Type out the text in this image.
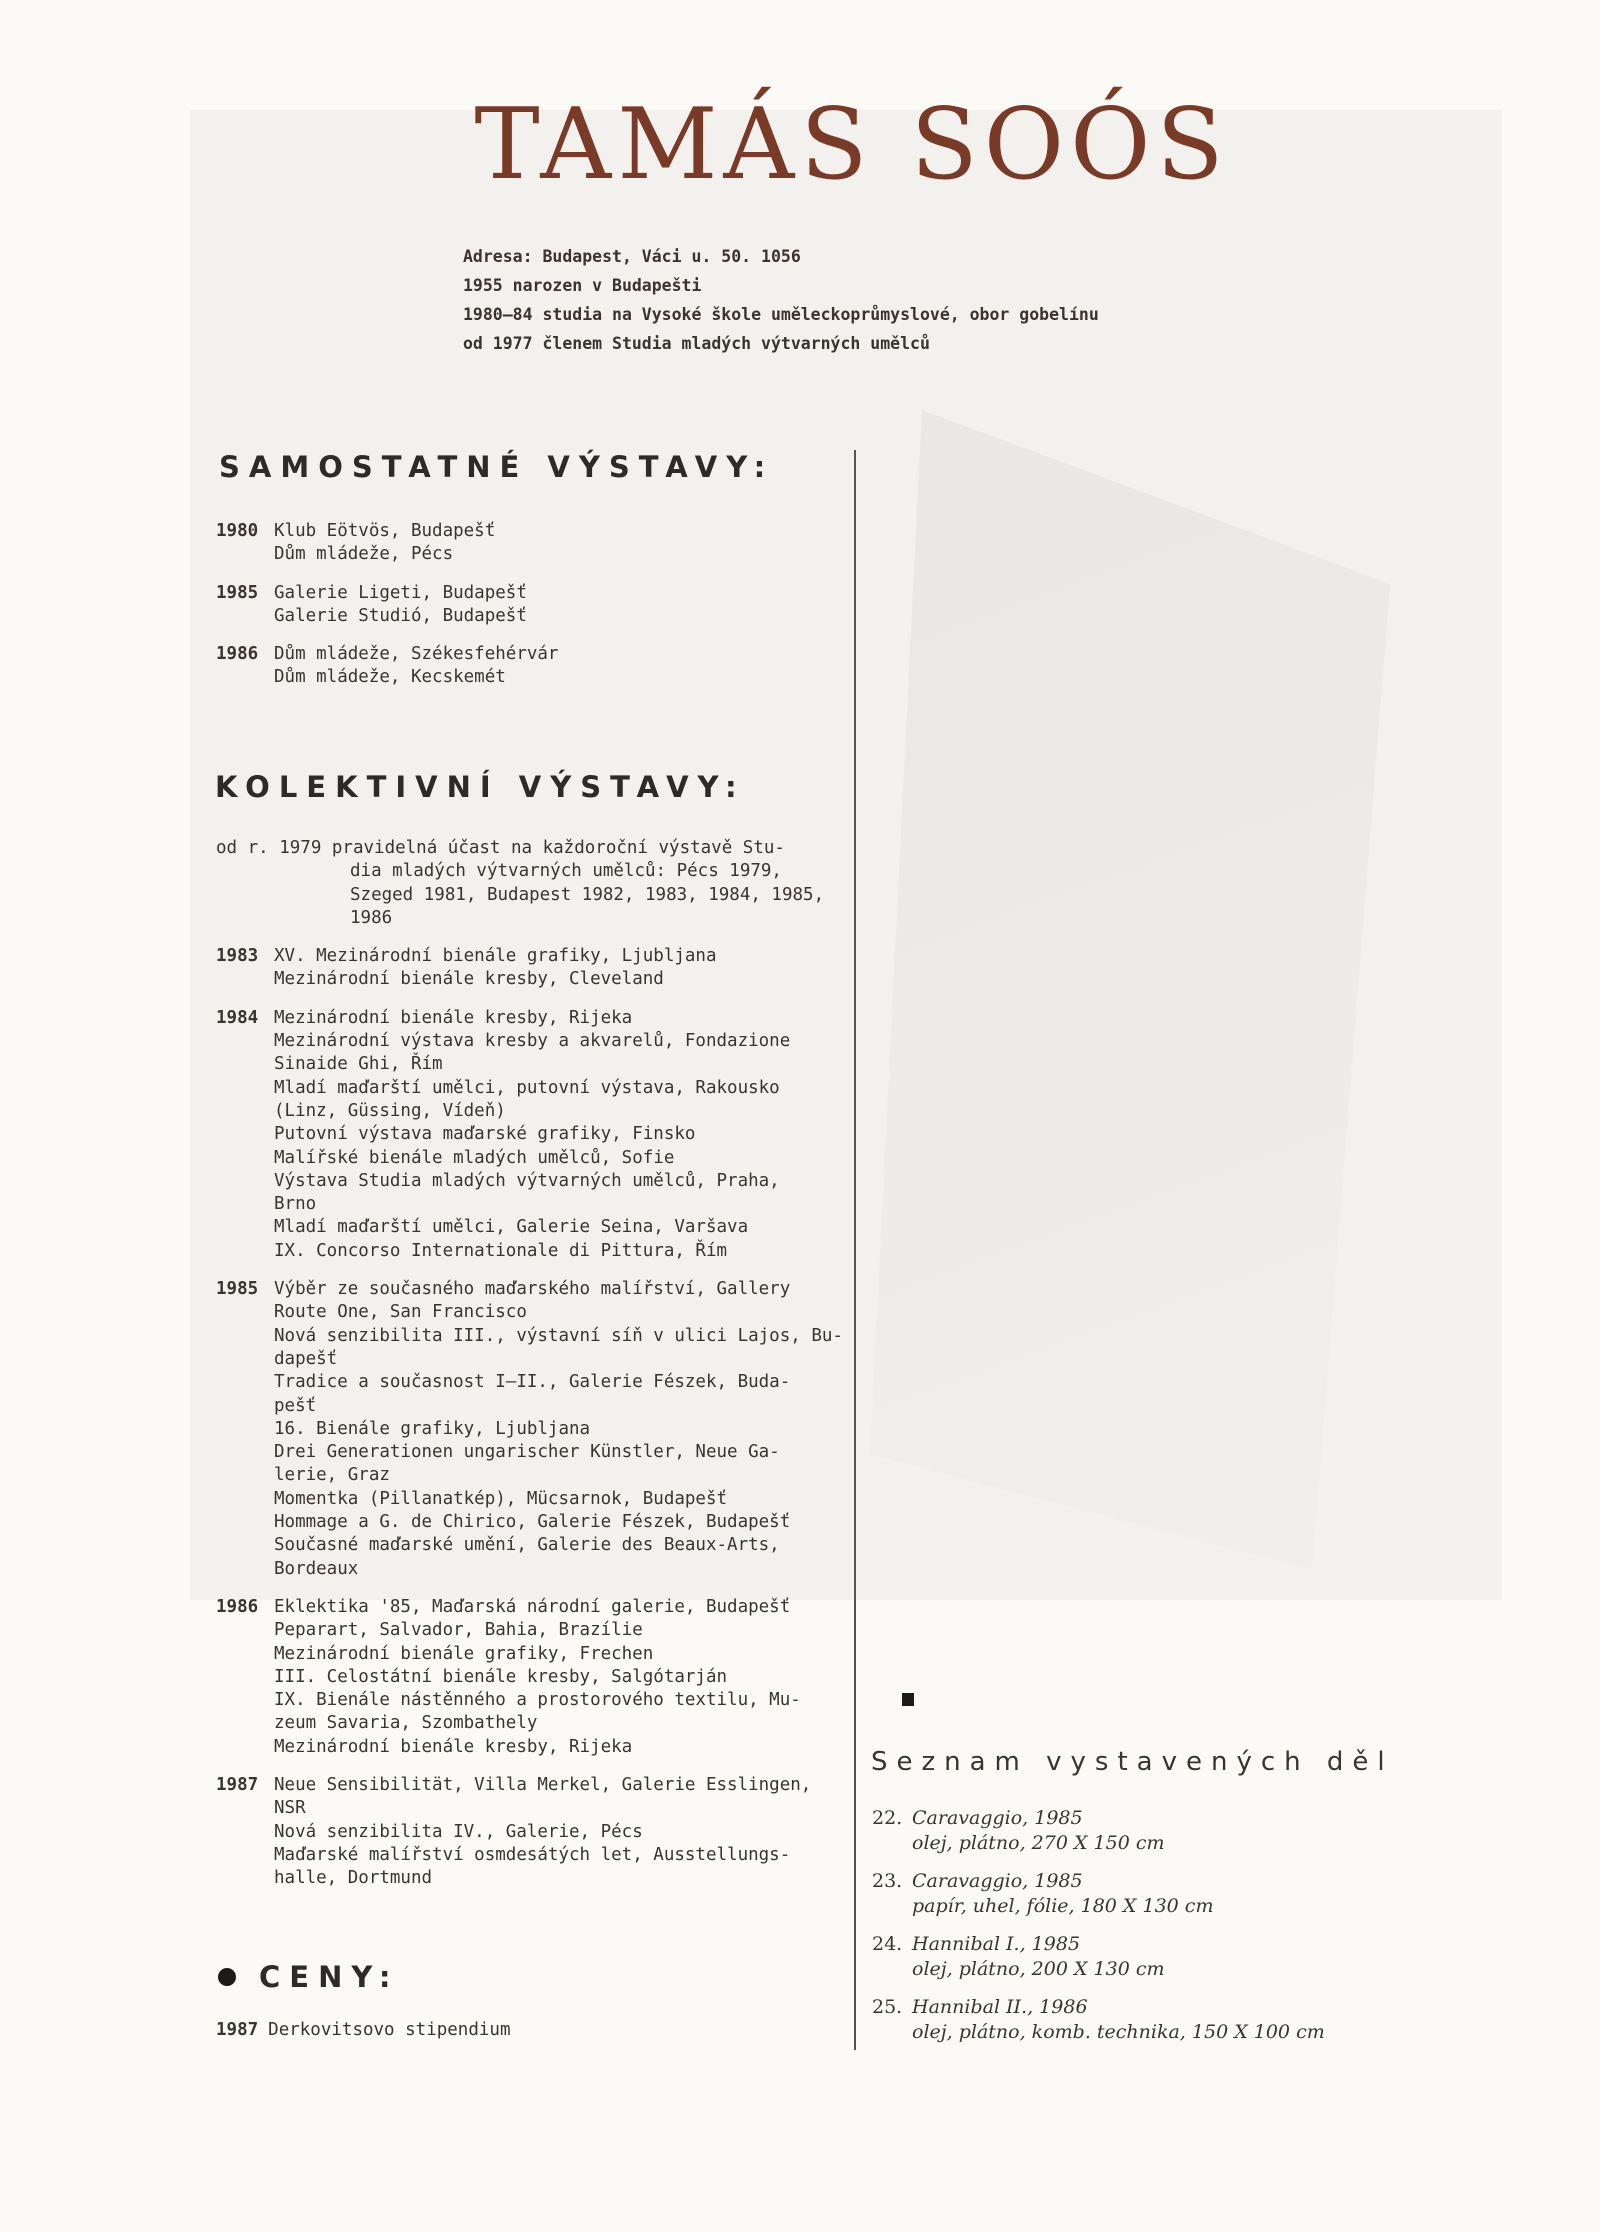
TAMÁS SOÓS
Adresa: Budapest, Váci u. 50. 1056
1955 narozen v Budapešti
1980—84 studia na Vysoké škole uměleckoprůmyslové, obor gobelínu
od 1977 členem Studia mladých výtvarných umělců
SAMOSTATNÉ VÝSTAVY:
1980 Klub Eötvös, Budapešť
Dům mládeže, Pécs
1985 Galerie Ligeti, Budapešť
Galerie Studió, Budapešť
1986 Dům mládeže, Székesfehérvár
Dům mládeže, Kecskemét
KOLEKTIVNÍ VÝSTAVY:
od r. 1979 pravidelná účast na každoroční výstavě Stu-
dia mladých výtvarných umělců: Pécs 1979,
Szeged 1981, Budapest 1982, 1983, 1984, 1985,
1986
1983 XV. Mezinárodní bienále grafiky, Ljubljana
Mezinárodní bienále kresby, Cleveland
1984 Mezinárodní bienále kresby, Rijeka
Mezinárodní výstava kresby a akvarelů, Fondazione
Sinaide Ghi, Řím
Mladí maďarští umělci, putovní výstava, Rakousko
(Linz, Güssing, Vídeň)
Putovní výstava maďarské grafiky, Finsko
Malířské bienále mladých umělců, Sofie
Výstava Studia mladých výtvarných umělců, Praha,
Brno
Mladí maďarští umělci, Galerie Seina, Varšava
IX. Concorso Internationale di Pittura, Řím
1985 Výběr ze současného maďarského malířství, Gallery
Route One, San Francisco
Nová senzibilita III., výstavní síň v ulici Lajos, Bu-
dapešť
Tradice a současnost I—II., Galerie Fészek, Buda-
pešť
16. Bienále grafiky, Ljubljana
Drei Generationen ungarischer Künstler, Neue Ga-
lerie, Graz
Momentka (Pillanatkép), Mücsarnok, Budapešť
Hommage a G. de Chirico, Galerie Fészek, Budapešť
Současné maďarské umění, Galerie des Beaux-Arts,
Bordeaux
1986 Eklektika '85, Maďarská národní galerie, Budapešť
Peparart, Salvador, Bahia, Brazílie
Mezinárodní bienále grafiky, Frechen
III. Celostátní bienále kresby, Salgótarján
IX. Bienále nástěnného a prostorového textilu, Mu-
zeum Savaria, Szombathely
Mezinárodní bienále kresby, Rijeka
1987 Neue Sensibilität, Villa Merkel, Galerie Esslingen,
NSR
Nová senzibilita IV., Galerie, Pécs
Maďarské malířství osmdesátých let, Ausstellungs-
halle, Dortmund
CENY:
1987 Derkovitsovo stipendium
Seznam vystavených děl
22. Caravaggio, 1985
olej, plátno, 270 X 150 cm
23. Caravaggio, 1985
papír, uhel, fólie, 180 X 130 cm
24. Hannibal I., 1985
olej, plátno, 200 X 130 cm
25. Hannibal II., 1986
olej, plátno, komb. technika, 150 X 100 cm
